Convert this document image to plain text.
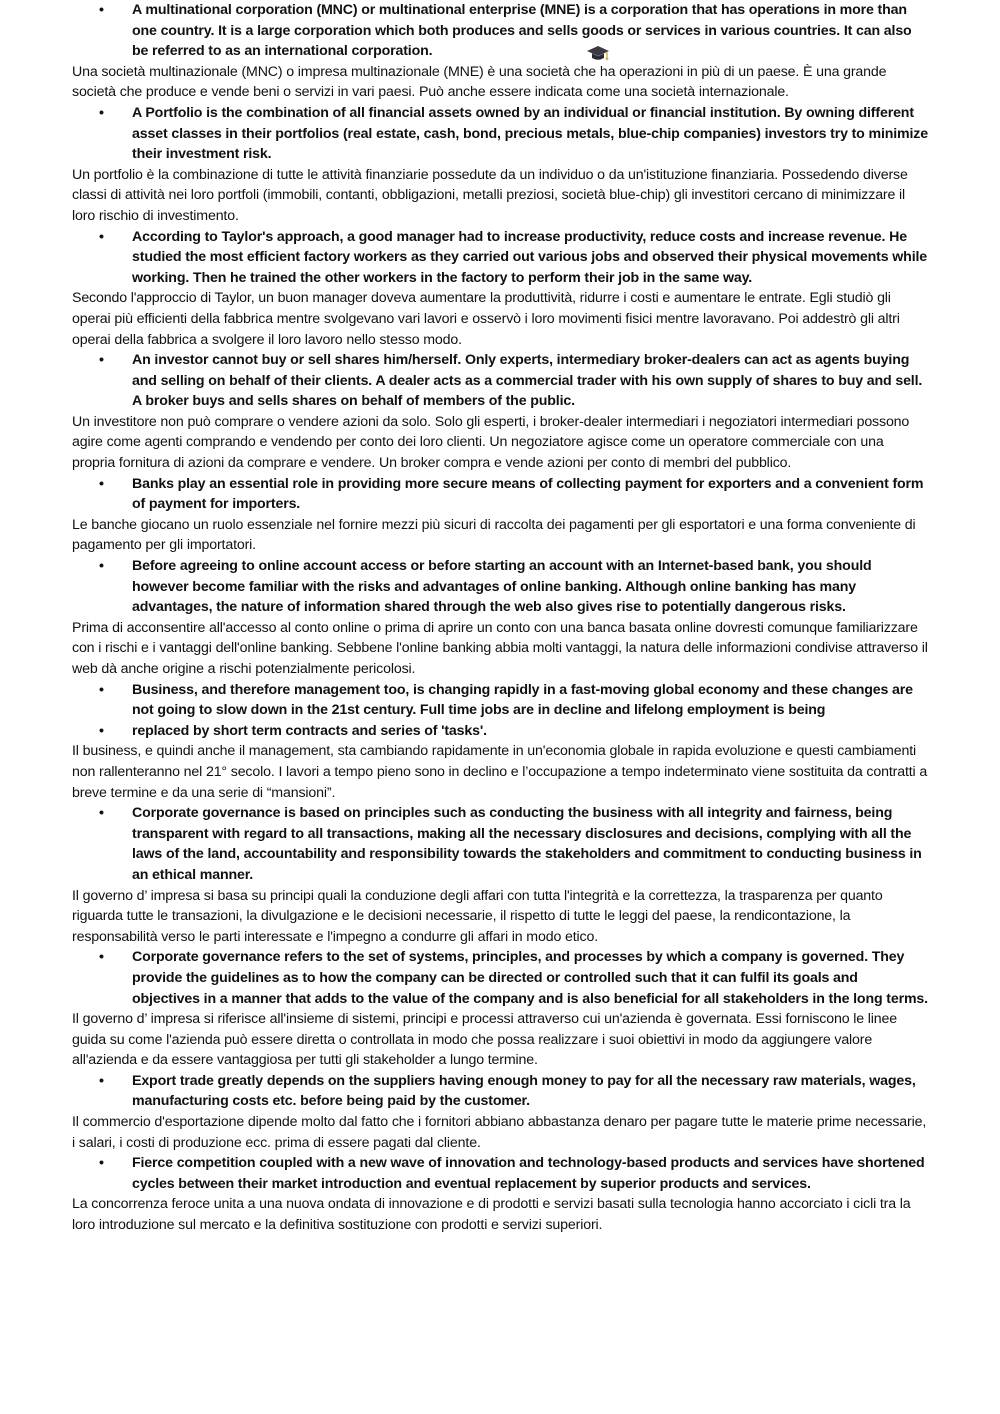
• A multinational corporation (MNC) or multinational enterprise (MNE) is a corporation that has operations in more than one country. It is a large corporation which both produces and sells goods or services in various countries. It can also be referred to as an international corporation.
Una società multinazionale (MNC) o impresa multinazionale (MNE) è una società che ha operazioni in più di un paese. È una grande società che produce e vende beni o servizi in vari paesi. Può anche essere indicata come una società internazionale.
• A Portfolio is the combination of all financial assets owned by an individual or financial institution. By owning different asset classes in their portfolios (real estate, cash, bond, precious metals, blue-chip companies) investors try to minimize their investment risk.
Un portfolio è la combinazione di tutte le attività finanziarie possedute da un individuo o da un'istituzione finanziaria. Possedendo diverse classi di attività nei loro portfoli (immobili, contanti, obbligazioni, metalli preziosi, società blue-chip) gli investitori cercano di minimizzare il loro rischio di investimento.
• According to Taylor's approach, a good manager had to increase productivity, reduce costs and increase revenue. He studied the most efficient factory workers as they carried out various jobs and observed their physical movements while working. Then he trained the other workers in the factory to perform their job in the same way.
Secondo l'approccio di Taylor, un buon manager doveva aumentare la produttività, ridurre i costi e aumentare le entrate. Egli studiò gli operai più efficienti della fabbrica mentre svolgevano vari lavori e osservò i loro movimenti fisici mentre lavoravano. Poi addestrò gli altri operai della fabbrica a svolgere il loro lavoro nello stesso modo.
• An investor cannot buy or sell shares him/herself. Only experts, intermediary broker-dealers can act as agents buying and selling on behalf of their clients. A dealer acts as a commercial trader with his own supply of shares to buy and sell. A broker buys and sells shares on behalf of members of the public.
Un investitore non può comprare o vendere azioni da solo. Solo gli esperti, i broker-dealer intermediari i negoziatori intermediari possono agire come agenti comprando e vendendo per conto dei loro clienti. Un negoziatore agisce come un operatore commerciale con una propria fornitura di azioni da comprare e vendere. Un broker compra e vende azioni per conto di membri del pubblico.
• Banks play an essential role in providing more secure means of collecting payment for exporters and a convenient form of payment for importers.
Le banche giocano un ruolo essenziale nel fornire mezzi più sicuri di raccolta dei pagamenti per gli esportatori e una forma conveniente di pagamento per gli importatori.
• Before agreeing to online account access or before starting an account with an Internet-based bank, you should however become familiar with the risks and advantages of online banking. Although online banking has many advantages, the nature of information shared through the web also gives rise to potentially dangerous risks.
Prima di acconsentire all'accesso al conto online o prima di aprire un conto con una banca basata online dovresti comunque familiarizzare con i rischi e i vantaggi dell'online banking. Sebbene l'online banking abbia molti vantaggi, la natura delle informazioni condivise attraverso il web dà anche origine a rischi potenzialmente pericolosi.
• Business, and therefore management too, is changing rapidly in a fast-moving global economy and these changes are not going to slow down in the 21st century. Full time jobs are in decline and lifelong employment is being
• replaced by short term contracts and series of 'tasks'.
Il business, e quindi anche il management, sta cambiando rapidamente in un'economia globale in rapida evoluzione e questi cambiamenti non rallenteranno nel 21° secolo. I lavori a tempo pieno sono in declino e l’occupazione a tempo indeterminato viene sostituita da contratti a breve termine e da una serie di “mansioni”.
• Corporate governance is based on principles such as conducting the business with all integrity and fairness, being transparent with regard to all transactions, making all the necessary disclosures and decisions, complying with all the laws of the land, accountability and responsibility towards the stakeholders and commitment to conducting business in an ethical manner.
Il governo d’ impresa si basa su principi quali la conduzione degli affari con tutta l'integrità e la correttezza, la trasparenza per quanto riguarda tutte le transazioni, la divulgazione e le decisioni necessarie, il rispetto di tutte le leggi del paese, la rendicontazione, la responsabilità verso le parti interessate e l'impegno a condurre gli affari in modo etico.
• Corporate governance refers to the set of systems, principles, and processes by which a company is governed. They provide the guidelines as to how the company can be directed or controlled such that it can fulfil its goals and objectives in a manner that adds to the value of the company and is also beneficial for all stakeholders in the long terms.
Il governo d’ impresa si riferisce all'insieme di sistemi, principi e processi attraverso cui un'azienda è governata. Essi forniscono le linee guida su come l'azienda può essere diretta o controllata in modo che possa realizzare i suoi obiettivi in modo da aggiungere valore all'azienda e da essere vantaggiosa per tutti gli stakeholder a lungo termine.
• Export trade greatly depends on the suppliers having enough money to pay for all the necessary raw materials, wages, manufacturing costs etc. before being paid by the customer.
Il commercio d'esportazione dipende molto dal fatto che i fornitori abbiano abbastanza denaro per pagare tutte le materie prime necessarie, i salari, i costi di produzione ecc. prima di essere pagati dal cliente.
• Fierce competition coupled with a new wave of innovation and technology-based products and services have shortened cycles between their market introduction and eventual replacement by superior products and services.
La concorrenza feroce unita a una nuova ondata di innovazione e di prodotti e servizi basati sulla tecnologia hanno accorciato i cicli tra la loro introduzione sul mercato e la definitiva sostituzione con prodotti e servizi superiori.
